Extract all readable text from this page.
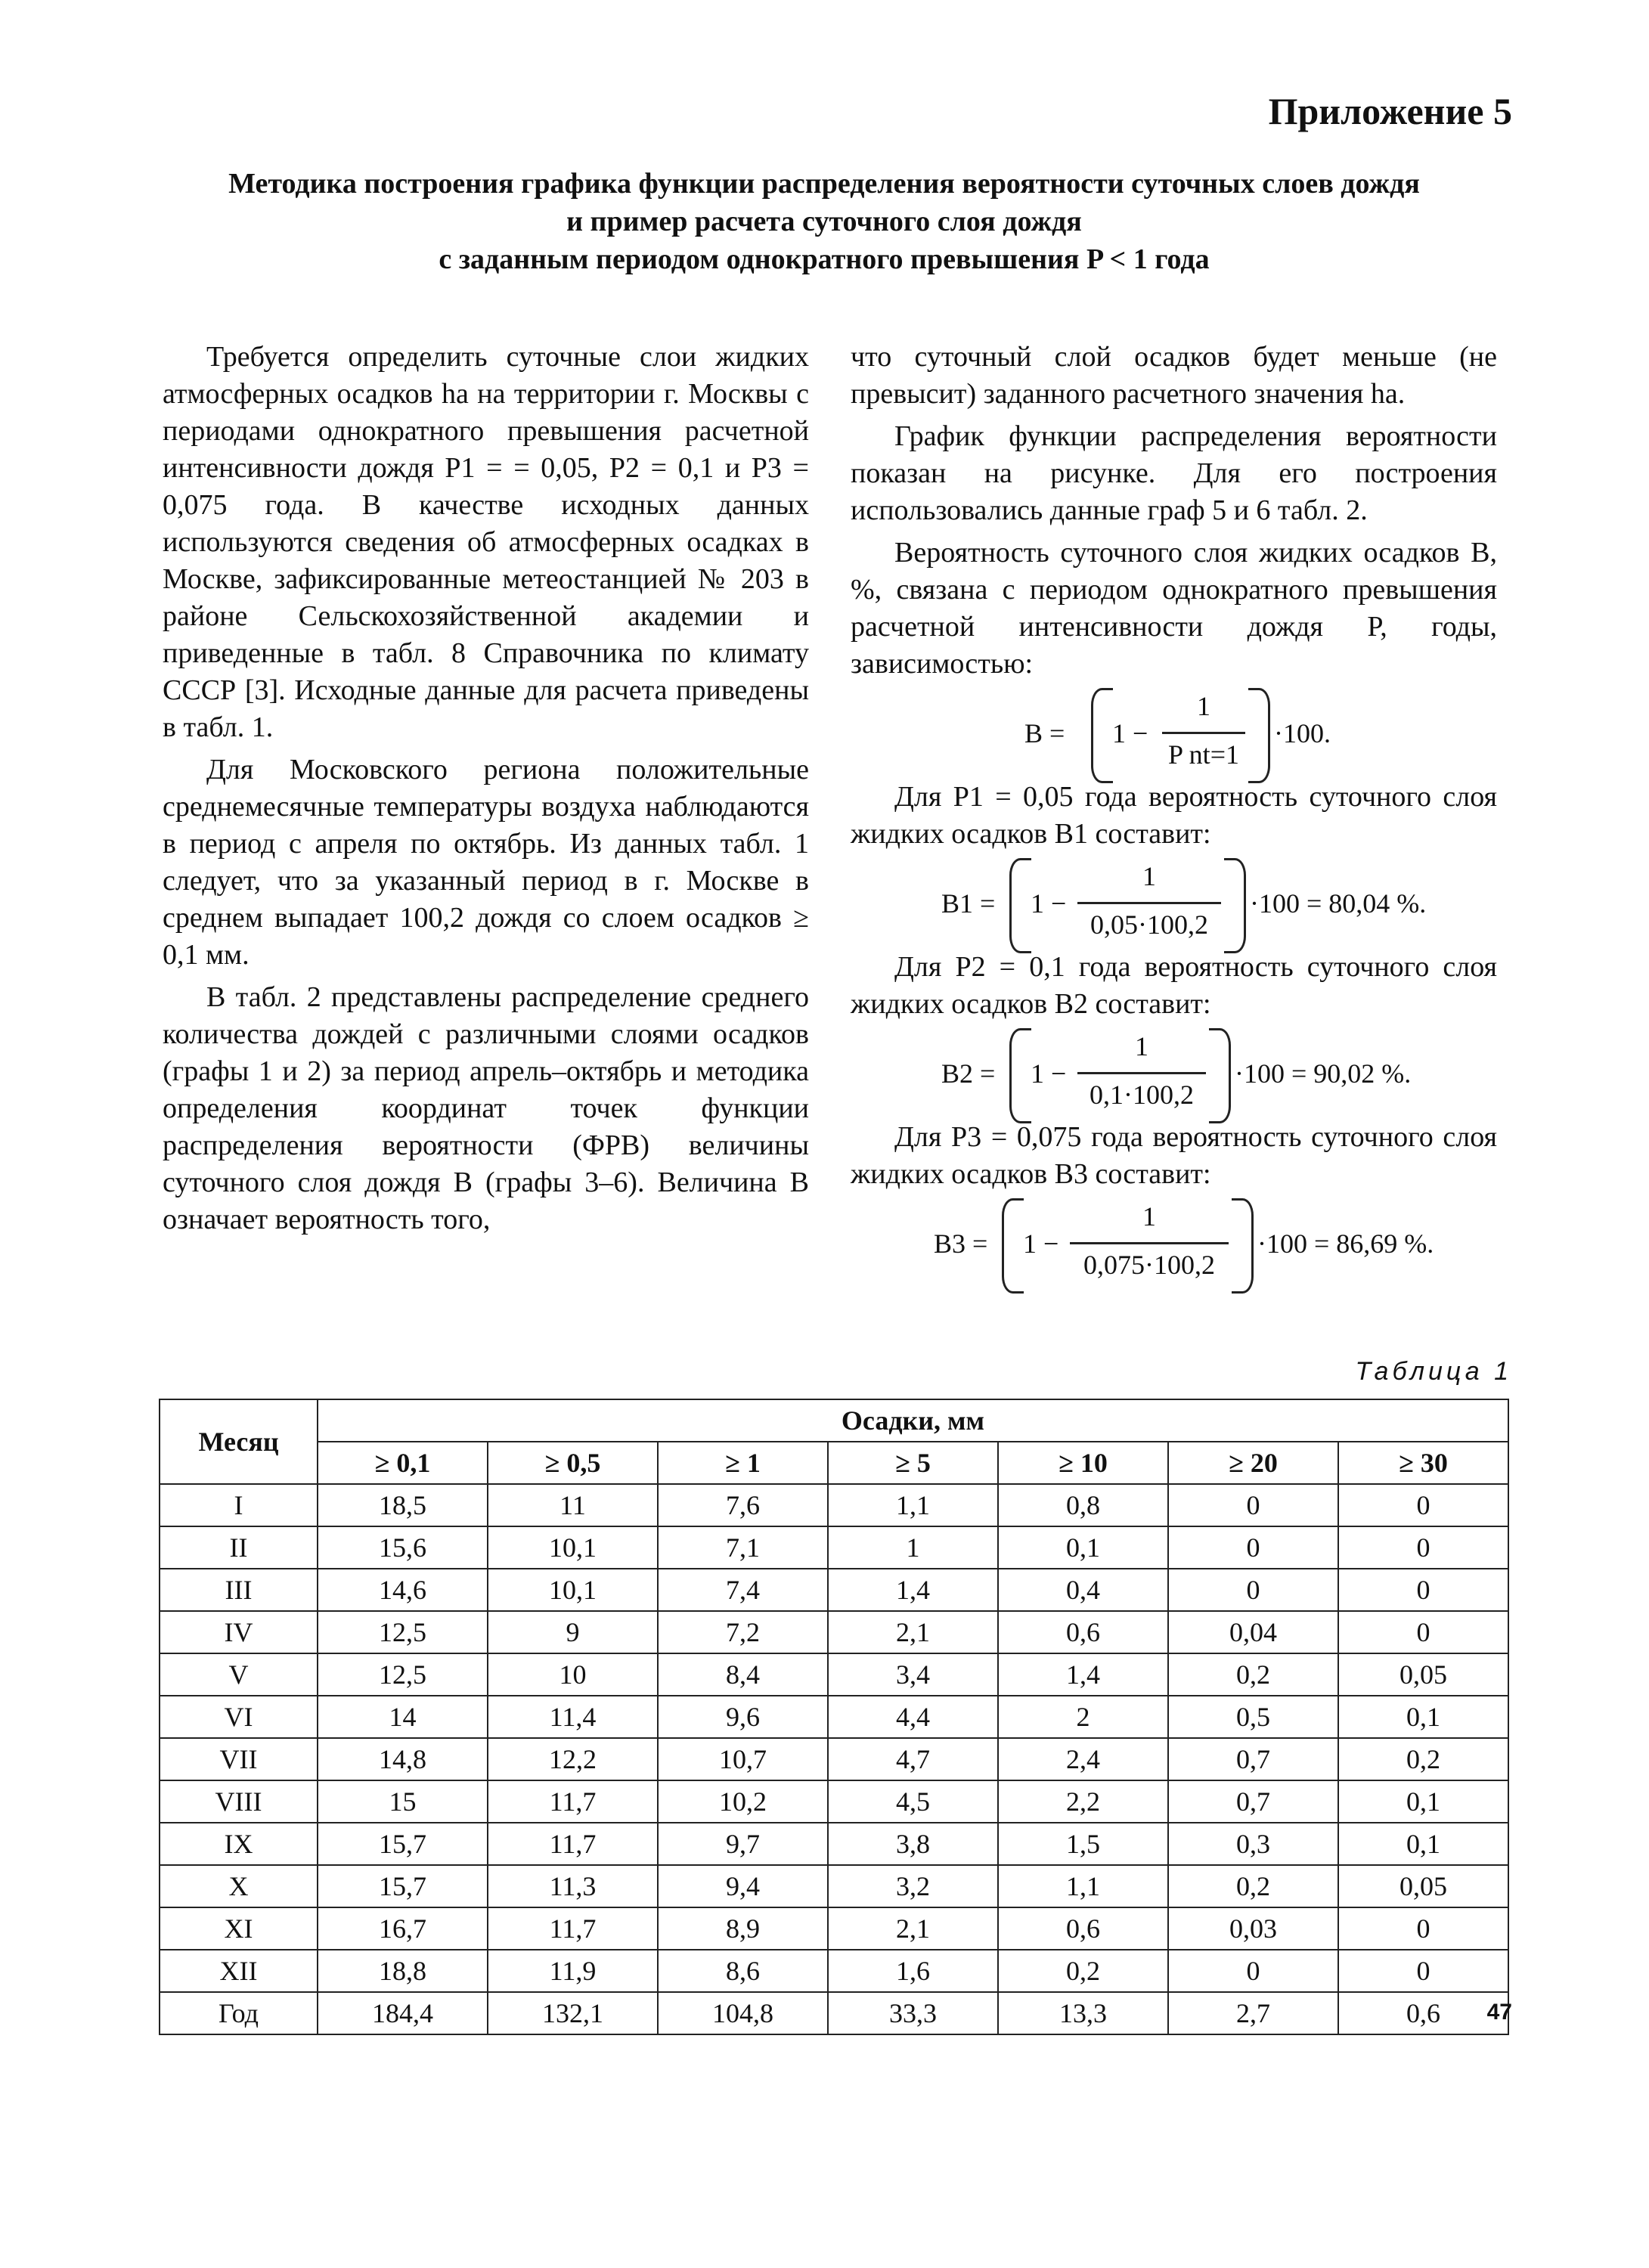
Приложение 5
Методика построения графика функции распределения вероятности суточных слоев дождя
и пример расчета суточного слоя дождя
с заданным периодом однократного превышения P < 1 года

Требуется определить суточные слои жидких атмосферных осадков hа на территории г. Москвы с периодами однократного превышения расчетной интенсивности дождя P1 = = 0,05, P2 = 0,1 и P3 = 0,075 года. В качестве исходных данных используются сведения об атмосферных осадках в Москве, зафиксированные метеостанцией № 203 в районе Сельскохозяйственной академии и приведенные в табл. 8 Справочника по климату СССР [3]. Исходные данные для расчета приведены в табл. 1.

Для Московского региона положительные среднемесячные температуры воздуха наблюдаются в период с апреля по октябрь. Из данных табл. 1 следует, что за указанный период в г. Москве в среднем выпадает 100,2 дождя со слоем осадков ≥ 0,1 мм.

В табл. 2 представлены распределение среднего количества дождей с различными слоями осадков (графы 1 и 2) за период апрель–октябрь и методика определения координат точек функции распределения вероятности (ФРВ) величины суточного слоя дождя B (графы 3–6). Величина B означает вероятность того,

что суточный слой осадков будет меньше (не превысит) заданного расчетного значения hа.

График функции распределения вероятности показан на рисунке. Для его построения использовались данные граф 5 и 6 табл. 2.

Вероятность суточного слоя жидких осадков B, %, связана с периодом однократного превышения расчетной интенсивности дождя P, годы, зависимостью:

B = 1 −
1
P nt=1
·100.

Для P1 = 0,05 года вероятность суточного слоя жидких осадков B1 составит:

B1 = 1 −
1
0,05·100,2
·100 = 80,04 %.

Для P2 = 0,1 года вероятность суточного слоя жидких осадков B2 составит:

B2 = 1 −
1
0,1·100,2
·100 = 90,02 %.

Для P3 = 0,075 года вероятность суточного слоя жидких осадков B3 составит:

B3 = 1 −
1
0,075·100,2
·100 = 86,69 %.
Таблица 1
Месяц	Осадки, мм						
	≥ 0,1	≥ 0,5	≥ 1	≥ 5	≥ 10	≥ 20	≥ 30
I	18,5	11	7,6	1,1	0,8	0	0
II	15,6	10,1	7,1	1	0,1	0	0
III	14,6	10,1	7,4	1,4	0,4	0	0
IV	12,5	9	7,2	2,1	0,6	0,04	0
V	12,5	10	8,4	3,4	1,4	0,2	0,05
VI	14	11,4	9,6	4,4	2	0,5	0,1
VII	14,8	12,2	10,7	4,7	2,4	0,7	0,2
VIII	15	11,7	10,2	4,5	2,2	0,7	0,1
IX	15,7	11,7	9,7	3,8	1,5	0,3	0,1
X	15,7	11,3	9,4	3,2	1,1	0,2	0,05
XI	16,7	11,7	8,9	2,1	0,6	0,03	0
XII	18,8	11,9	8,6	1,6	0,2	0	0
Год	184,4	132,1	104,8	33,3	13,3	2,7	0,6	47
